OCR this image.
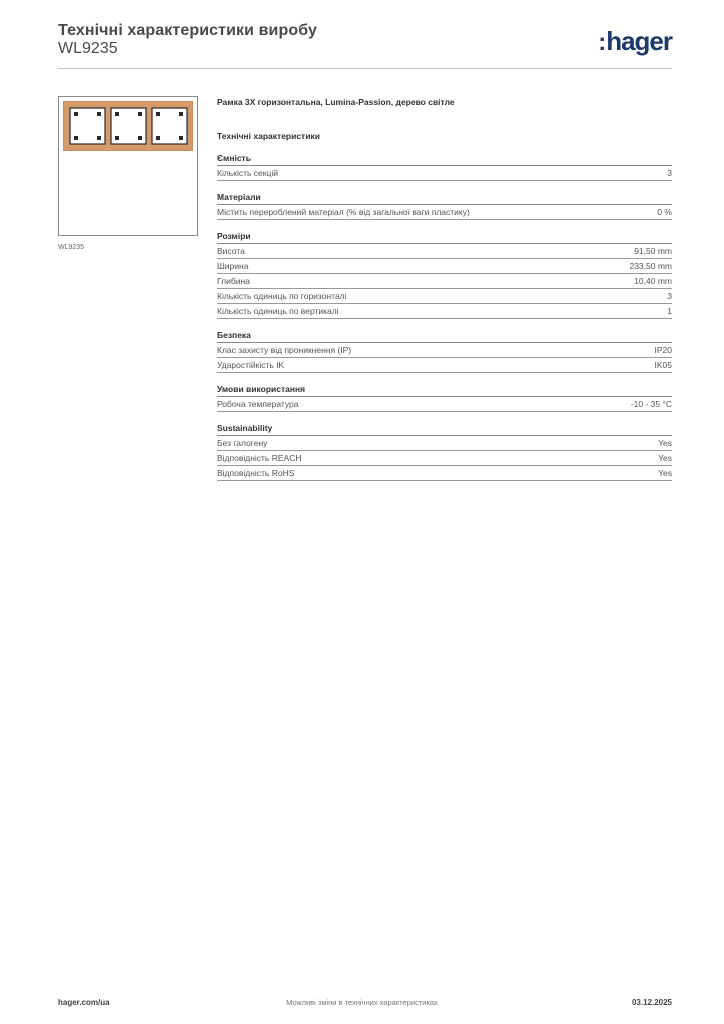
Технічні характеристики виробу
WL9235	:hager
WL9235
Рамка 3X горизонтальна, Lumina-Passion, дерево світле
Технічні характеристики
Ємність
Кількість секцій	3
Матеріали
Містить перероблений матеріал (% від загальної ваги пластику)	0 %
Розміри
Висота	91,50 mm
Ширина	233,50 mm
Глибина	10,40 mm
Кількість одиниць по горизонталі	3
Кількість одиниць по вертикалі	1
Безпека
Клас захисту від проникнення (IP)	IP20
Ударостійкість IK	IK05
Умови використання
Робоча температура	-10 - 35 °C
Sustainability
Без галогену	Yes
Відповідність REACH	Yes
Відповідність RoHS	Yes
hager.com/ua	Можливі зміни в технічних характеристиках	03.12.2025
